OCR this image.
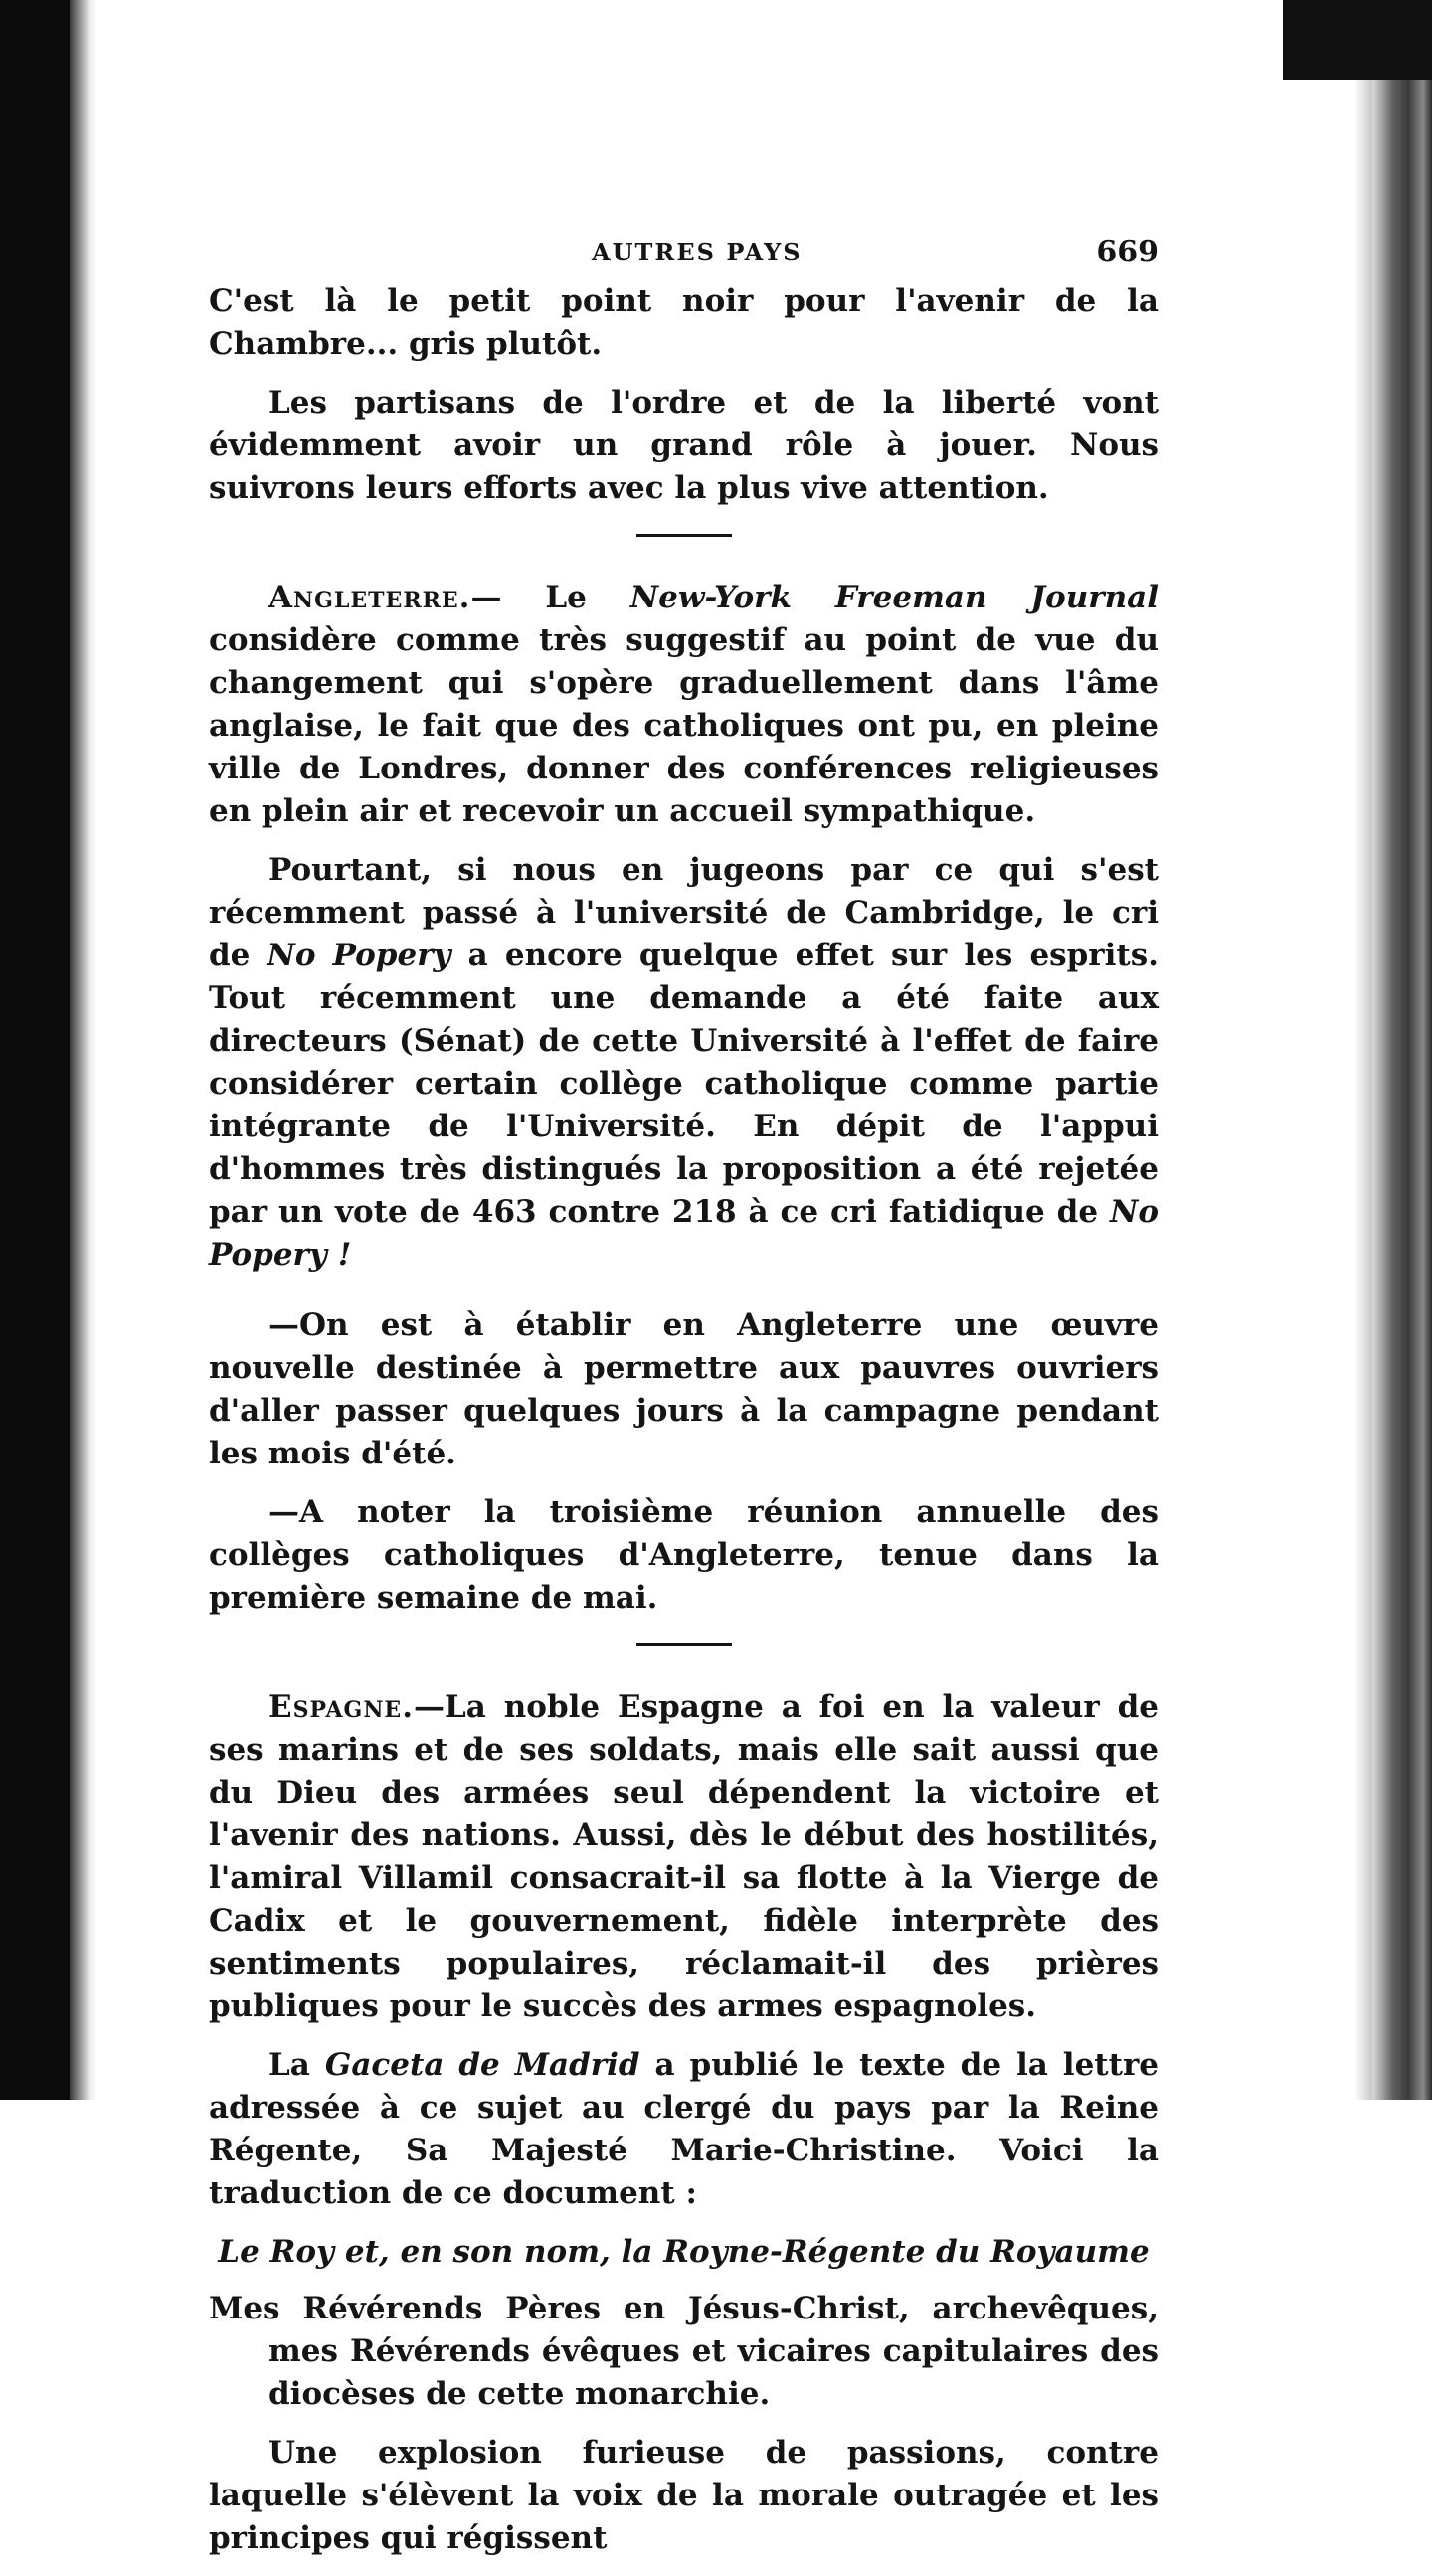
AUTRES PAYS	669

C'est là le petit point noir pour l'avenir de la Chambre... gris plutôt.

Les partisans de l'ordre et de la liberté vont évidemment avoir un grand rôle à jouer. Nous suivrons leurs efforts avec la plus vive attention.

Angleterre.— Le New-York Freeman Journal considère comme très suggestif au point de vue du changement qui s'opère graduellement dans l'âme anglaise, le fait que des catholiques ont pu, en pleine ville de Londres, donner des conférences religieuses en plein air et recevoir un accueil sympathique.

Pourtant, si nous en jugeons par ce qui s'est récemment passé à l'université de Cambridge, le cri de No Popery a encore quelque effet sur les esprits. Tout récemment une demande a été faite aux directeurs (Sénat) de cette Université à l'effet de faire considérer certain collège catholique comme partie intégrante de l'Université. En dépit de l'appui d'hommes très distingués la proposition a été rejetée par un vote de 463 contre 218 à ce cri fatidique de No Popery !

—On est à établir en Angleterre une œuvre nouvelle destinée à permettre aux pauvres ouvriers d'aller passer quelques jours à la campagne pendant les mois d'été.

—A noter la troisième réunion annuelle des collèges catholiques d'Angleterre, tenue dans la première semaine de mai.

Espagne.—La noble Espagne a foi en la valeur de ses marins et de ses soldats, mais elle sait aussi que du Dieu des armées seul dépendent la victoire et l'avenir des nations. Aussi, dès le début des hostilités, l'amiral Villamil consacrait-il sa flotte à la Vierge de Cadix et le gouvernement, fidèle interprète des sentiments populaires, réclamait-il des prières publiques pour le succès des armes espagnoles.

La Gaceta de Madrid a publié le texte de la lettre adressée à ce sujet au clergé du pays par la Reine Régente, Sa Majesté Marie-Christine. Voici la traduction de ce document :

Le Roy et, en son nom, la Royne-Régente du Royaume

Mes Révérends Pères en Jésus-Christ, archevêques, mes Révérends évêques et vicaires capitulaires des diocèses de cette monarchie.

Une explosion furieuse de passions, contre laquelle s'élèvent la voix de la morale outragée et les principes qui régissent
